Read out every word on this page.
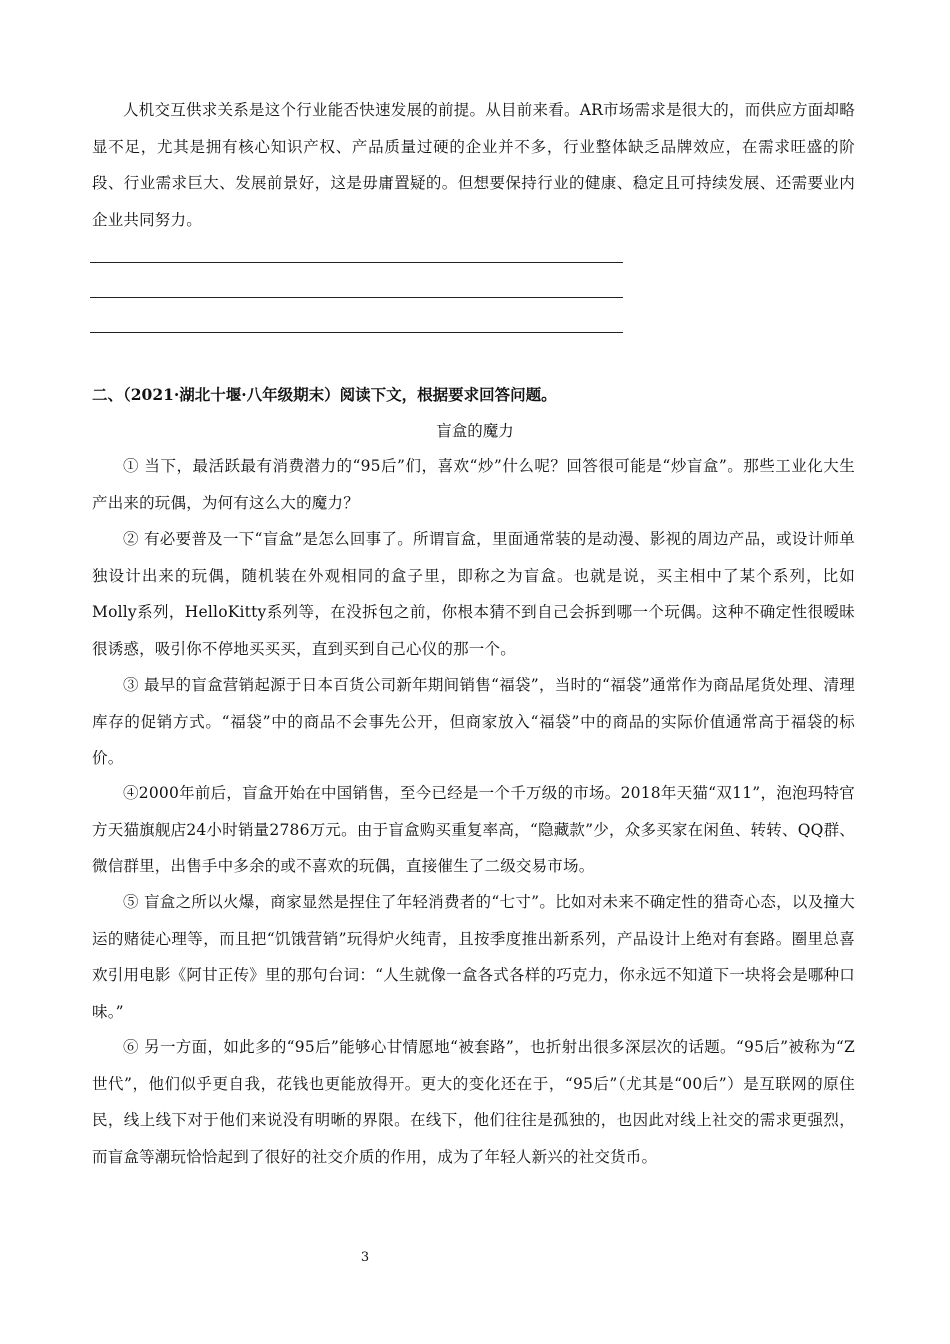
人机交互供求关系是这个行业能否快速发展的前提。从目前来看。AR市场需求是很大的，而供应方面却略显不足，尤其是拥有核心知识产权、产品质量过硬的企业并不多，行业整体缺乏品牌效应，在需求旺盛的阶段、行业需求巨大、发展前景好，这是毋庸置疑的。但想要保持行业的健康、稳定且可持续发展、还需要业内企业共同努力。

二、（2021·湖北十堰·八年级期末）阅读下文，根据要求回答问题。

盲盒的魔力

① 当下，最活跃最有消费潜力的“95后”们，喜欢“炒”什么呢？回答很可能是“炒盲盒”。那些工业化大生产出来的玩偶，为何有这么大的魔力？

② 有必要普及一下“盲盒”是怎么回事了。所谓盲盒，里面通常装的是动漫、影视的周边产品，或设计师单独设计出来的玩偶，随机装在外观相同的盒子里，即称之为盲盒。也就是说，买主相中了某个系列，比如Molly系列，HelloKitty系列等，在没拆包之前，你根本猜不到自己会拆到哪一个玩偶。这种不确定性很暧昧很诱惑，吸引你不停地买买买，直到买到自己心仪的那一个。

③ 最早的盲盒营销起源于日本百货公司新年期间销售“福袋”，当时的“福袋”通常作为商品尾货处理、清理库存的促销方式。“福袋”中的商品不会事先公开，但商家放入“福袋”中的商品的实际价值通常高于福袋的标价。

④2000年前后，盲盒开始在中国销售，至今已经是一个千万级的市场。2018年天猫“双11”，泡泡玛特官方天猫旗舰店24小时销量2786万元。由于盲盒购买重复率高，“隐藏款”少，众多买家在闲鱼、转转、QQ群、微信群里，出售手中多余的或不喜欢的玩偶，直接催生了二级交易市场。

⑤ 盲盒之所以火爆，商家显然是捏住了年轻消费者的“七寸”。比如对未来不确定性的猎奇心态，以及撞大运的赌徒心理等，而且把“饥饿营销”玩得炉火纯青，且按季度推出新系列，产品设计上绝对有套路。圈里总喜欢引用电影《阿甘正传》里的那句台词：“人生就像一盒各式各样的巧克力，你永远不知道下一块将会是哪种口味。”

⑥ 另一方面，如此多的“95后”能够心甘情愿地“被套路”，也折射出很多深层次的话题。“95后”被称为“Z世代”，他们似乎更自我，花钱也更能放得开。更大的变化还在于，“95后”（尤其是“00后”）是互联网的原住民，线上线下对于他们来说没有明晰的界限。在线下，他们往往是孤独的，也因此对线上社交的需求更强烈，而盲盒等潮玩恰恰起到了很好的社交介质的作用，成为了年轻人新兴的社交货币。

3
